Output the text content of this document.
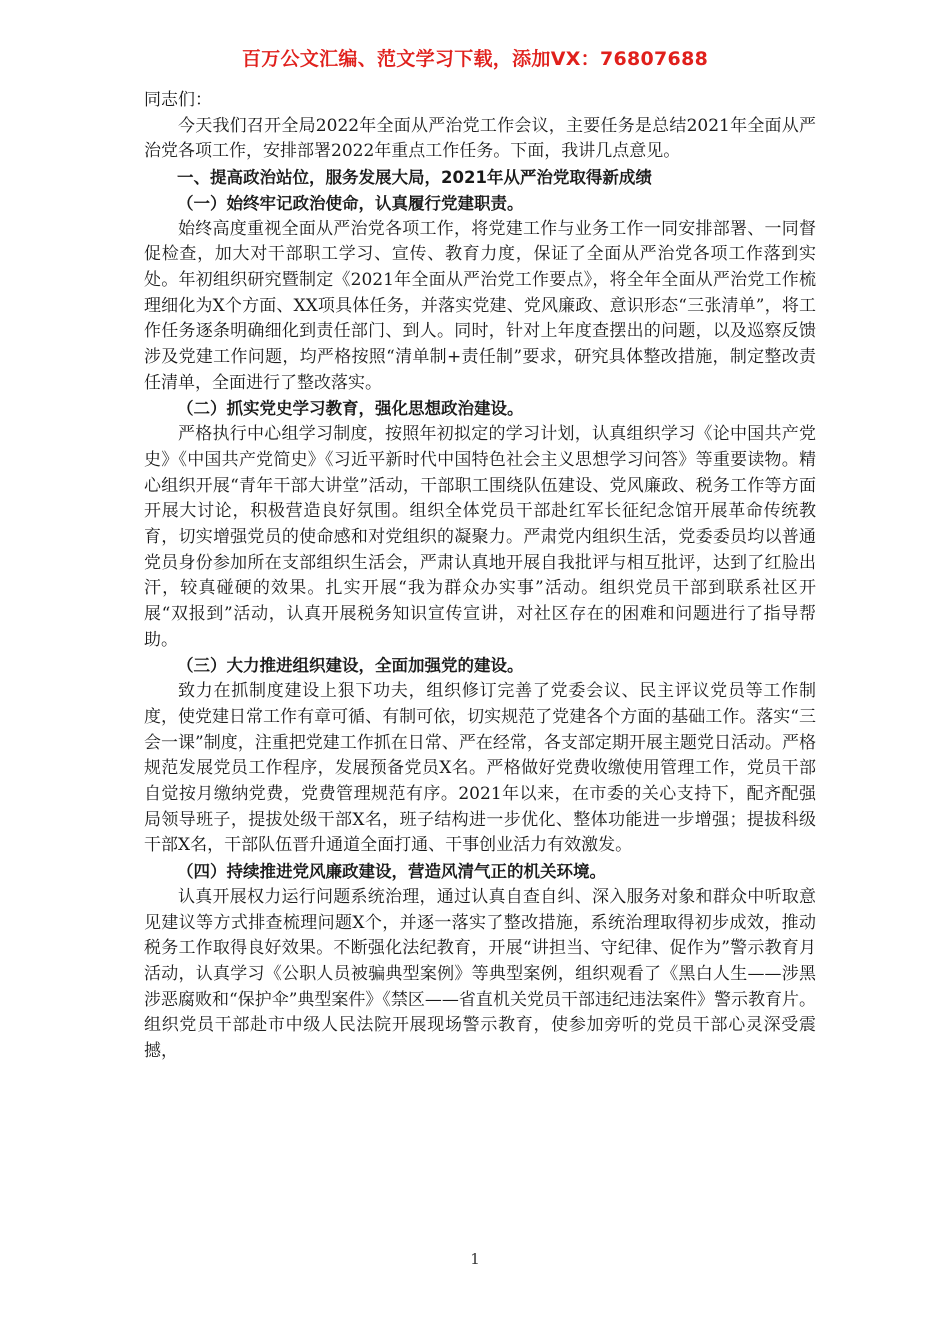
百万公文汇编、范文学习下载，添加VX：76807688

同志们：

今天我们召开全局2022年全面从严治党工作会议，主要任务是总结2021年全面从严治党各项工作，安排部署2022年重点工作任务。下面，我讲几点意见。

一、提高政治站位，服务发展大局，2021年从严治党取得新成绩

（一）始终牢记政治使命，认真履行党建职责。

始终高度重视全面从严治党各项工作，将党建工作与业务工作一同安排部署、一同督促检查，加大对干部职工学习、宣传、教育力度，保证了全面从严治党各项工作落到实处。年初组织研究暨制定《2021年全面从严治党工作要点》，将全年全面从严治党工作梳理细化为X个方面、XX项具体任务，并落实党建、党风廉政、意识形态“三张清单”，将工作任务逐条明确细化到责任部门、到人。同时，针对上年度查摆出的问题，以及巡察反馈涉及党建工作问题，均严格按照“清单制+责任制”要求，研究具体整改措施，制定整改责任清单，全面进行了整改落实。

（二）抓实党史学习教育，强化思想政治建设。

严格执行中心组学习制度，按照年初拟定的学习计划，认真组织学习《论中国共产党史》《中国共产党简史》《习近平新时代中国特色社会主义思想学习问答》等重要读物。精心组织开展“青年干部大讲堂”活动，干部职工围绕队伍建设、党风廉政、税务工作等方面开展大讨论，积极营造良好氛围。组织全体党员干部赴红军长征纪念馆开展革命传统教育，切实增强党员的使命感和对党组织的凝聚力。严肃党内组织生活，党委委员均以普通党员身份参加所在支部组织生活会，严肃认真地开展自我批评与相互批评，达到了红脸出汗，较真碰硬的效果。扎实开展“我为群众办实事”活动。组织党员干部到联系社区开展“双报到”活动，认真开展税务知识宣传宣讲，对社区存在的困难和问题进行了指导帮助。

（三）大力推进组织建设，全面加强党的建设。

致力在抓制度建设上狠下功夫，组织修订完善了党委会议、民主评议党员等工作制度，使党建日常工作有章可循、有制可依，切实规范了党建各个方面的基础工作。落实“三会一课”制度，注重把党建工作抓在日常、严在经常，各支部定期开展主题党日活动。严格规范发展党员工作程序，发展预备党员X名。严格做好党费收缴使用管理工作，党员干部自觉按月缴纳党费，党费管理规范有序。2021年以来，在市委的关心支持下，配齐配强局领导班子，提拔处级干部X名，班子结构进一步优化、整体功能进一步增强；提拔科级干部X名，干部队伍晋升通道全面打通、干事创业活力有效激发。

（四）持续推进党风廉政建设，营造风清气正的机关环境。

认真开展权力运行问题系统治理，通过认真自查自纠、深入服务对象和群众中听取意见建议等方式排查梳理问题X个，并逐一落实了整改措施，系统治理取得初步成效，推动税务工作取得良好效果。不断强化法纪教育，开展“讲担当、守纪律、促作为”警示教育月活动，认真学习《公职人员被骗典型案例》等典型案例，组织观看了《黑白人生——涉黑涉恶腐败和“保护伞”典型案件》《禁区——省直机关党员干部违纪违法案件》警示教育片。组织党员干部赴市中级人民法院开展现场警示教育，使参加旁听的党员干部心灵深受震撼，

1
